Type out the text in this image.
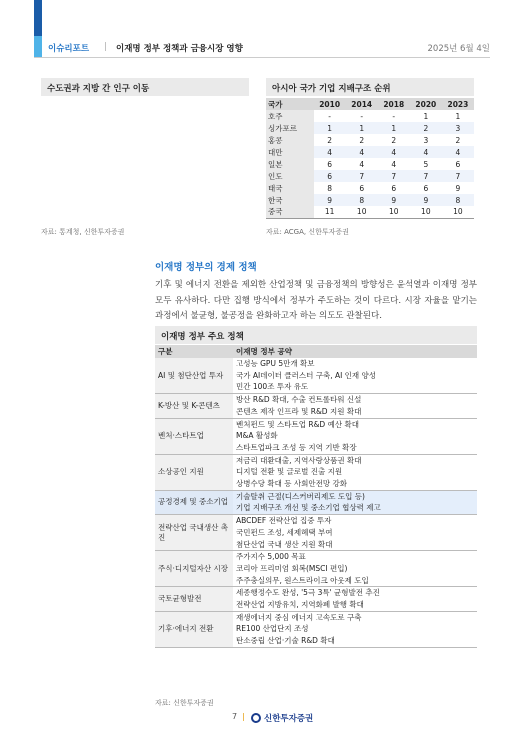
이슈리포트 | 이재명 정부 정책과 금융시장 영향	2025년 6월 4일
수도권과 지방 간 인구 이동
자료: 통계청, 신한투자증권
아시아 국가 기업 지배구조 순위
국가	2010	2014	2018	2020	2023
호주	-	-	-	1	1
싱가포르	1	1	1	2	3
홍콩	2	2	2	3	2
대만	4	4	4	4	4
일본	6	4	4	5	6
인도	6	7	7	7	7
태국	8	6	6	6	9
한국	9	8	9	9	8
중국	11	10	10	10	10
자료: ACGA, 신한투자증권
이재명 정부의 경제 정책
기후 및 에너지 전환을 제외한 산업정책 및 금융정책의 방향성은 윤석열과 이재명 정부 모두 유사하다. 다만 집행 방식에서 정부가 주도하는 것이 다르다. 시장 자율을 맡기는 과정에서 불균형, 불공정을 완화하고자 하는 의도도 관찰된다.
이재명 정부 주요 정책
구분	이재명 정부 공약
AI 및 첨단산업 투자	고성능 GPU 5만개 확보
	국가 AI데이터 클러스터 구축, AI 인재 양성
	민간 100조 투자 유도
K-방산 및 K-콘텐츠	방산 R&D 확대, 수출 컨트롤타워 신설
	콘텐츠 제작 인프라 및 R&D 지원 확대
벤처·스타트업	벤처펀드 및 스타트업 R&D 예산 확대
	M&A 활성화
	스타트업파크 조성 등 지역 기반 확장
소상공인 지원	저금리 대환대출, 지역사랑상품권 확대
	디지털 전환 및 글로벌 진출 지원
	상병수당 확대 등 사회안전망 강화
공정경제 및 중소기업	기술탈취 근절(디스커버리제도 도입 등)
	기업 지배구조 개선 및 중소기업 협상력 제고
전략산업 국내생산 촉진	ABCDEF 전략산업 집중 투자
	국민펀드 조성, 세제혜택 부여
	첨단산업 국내 생산 지원 확대
주식·디지털자산 시장	주가지수 5,000 목표
	코리아 프리미엄 회복(MSCI 편입)
	주주충실의무, 원스트라이크 아웃제 도입
국토균형발전	세종행정수도 완성, '5극 3특' 균형발전 추진
	전략산업 지방유치, 지역화폐 발행 확대
기후·에너지 전환	재생에너지 중심 에너지 고속도로 구축
	RE100 산업단지 조성
	탄소중립 산업·기술 R&D 확대
자료: 신한투자증권
7 | 신한투자증권
